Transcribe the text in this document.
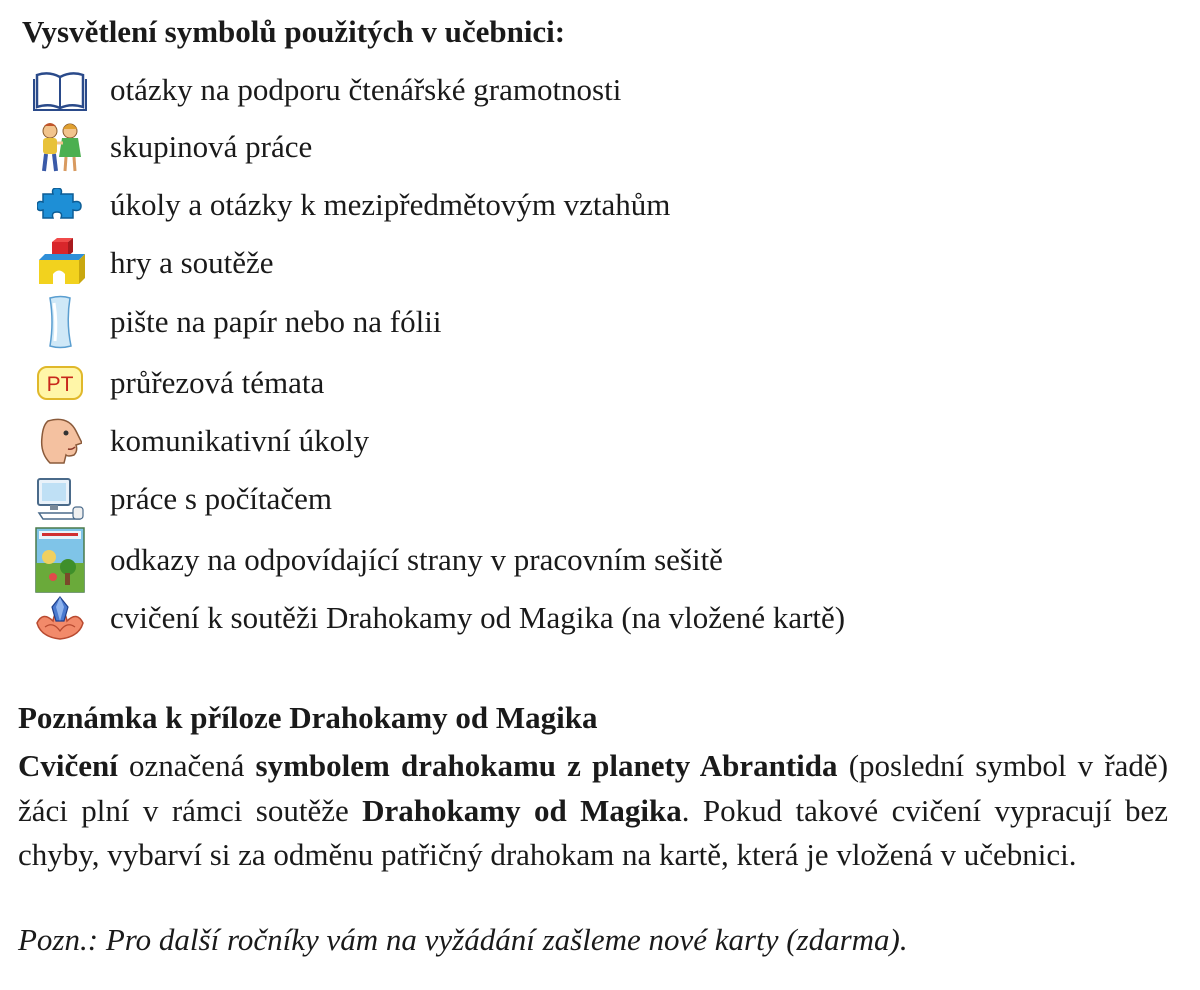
Vysvětlení symbolů použitých v učebnici:
otázky na podporu čtenářské gramotnosti
skupinová práce
úkoly a otázky k mezipředmětovým vztahům
hry a soutěže
pište na papír nebo na fólii
PT průřezová témata
komunikativní úkoly
práce s počítačem
odkazy na odpovídající strany v pracovním sešitě
cvičení k soutěži Drahokamy od Magika (na vložené kartě)
Poznámka k příloze Drahokamy od Magika
Cvičení označená symbolem drahokamu z planety Abrantida (poslední symbol v řadě) žáci plní v rámci soutěže Drahokamy od Magika. Pokud takové cvičení vypracují bez chyby, vybarví si za odměnu patřičný drahokam na kartě, která je vložená v učebnici.
Pozn.: Pro další ročníky vám na vyžádání zašleme nové karty (zdarma).
